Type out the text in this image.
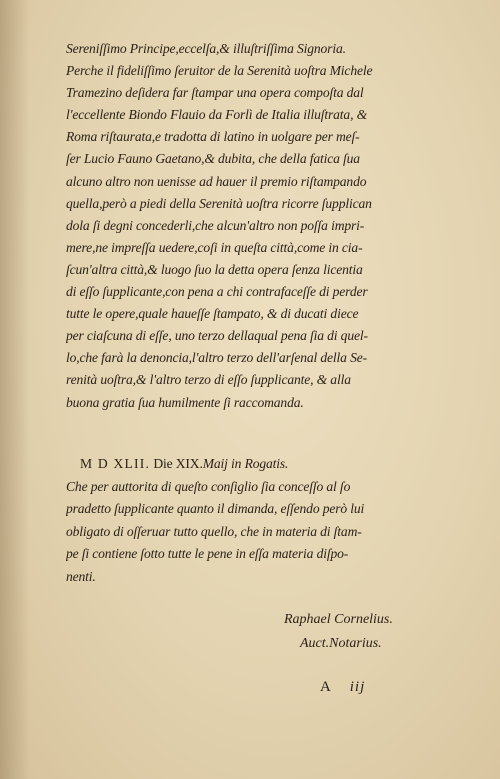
Sereniſſimo Principe,eccelſa,& illuſtriſſima Signoria.
Perche il fideliſſimo ſeruitor de la Serenità uoſtra Michele
Tramezino deſidera far ſtampar una opera compoſta dal
l'eccellente Biondo Flauio da Forlì de Italia illuſtrata, &
Roma riſtaurata,e tradotta di latino in uolgare per meſ-
ſer Lucio Fauno Gaetano,& dubita, che della fatica ſua
alcuno altro non uenisse ad hauer il premio riſtampando
quella,però a piedi della Serenità uoſtra ricorre ſupplican
dola ſi degni concederli,che alcun'altro non poſſa impri-
mere,ne impreſſa uedere,coſi in queſta città,come in cia-
ſcun'altra città,& luogo ſuo la detta opera ſenza licentia
di eſſo ſupplicante,con pena a chi contrafaceſſe di perder
tutte le opere,quale haueſſe ſtampato, & di ducati diece
per ciaſcuna di eſſe, uno terzo dellaqual pena ſia di quel-
lo,che farà la denoncia,l'altro terzo dell'arſenal della Se-
renità uoſtra,& l'altro terzo di eſſo ſupplicante, & alla
buona gratia ſua humilmente ſi raccomanda.
M D XLII. Die XIX.Maij in Rogatis.
Che per auttorita di queſto conſiglio ſia conceſſo al ſo
pradetto ſupplicante quanto il dimanda, eſſendo però lui
obligato di oſſeruar tutto quello, che in materia di ſtam-
pe ſi contiene ſotto tutte le pene in eſſa materia diſpo-
nenti.
Raphael Cornelius.
Auct.Notarius.
A iij
